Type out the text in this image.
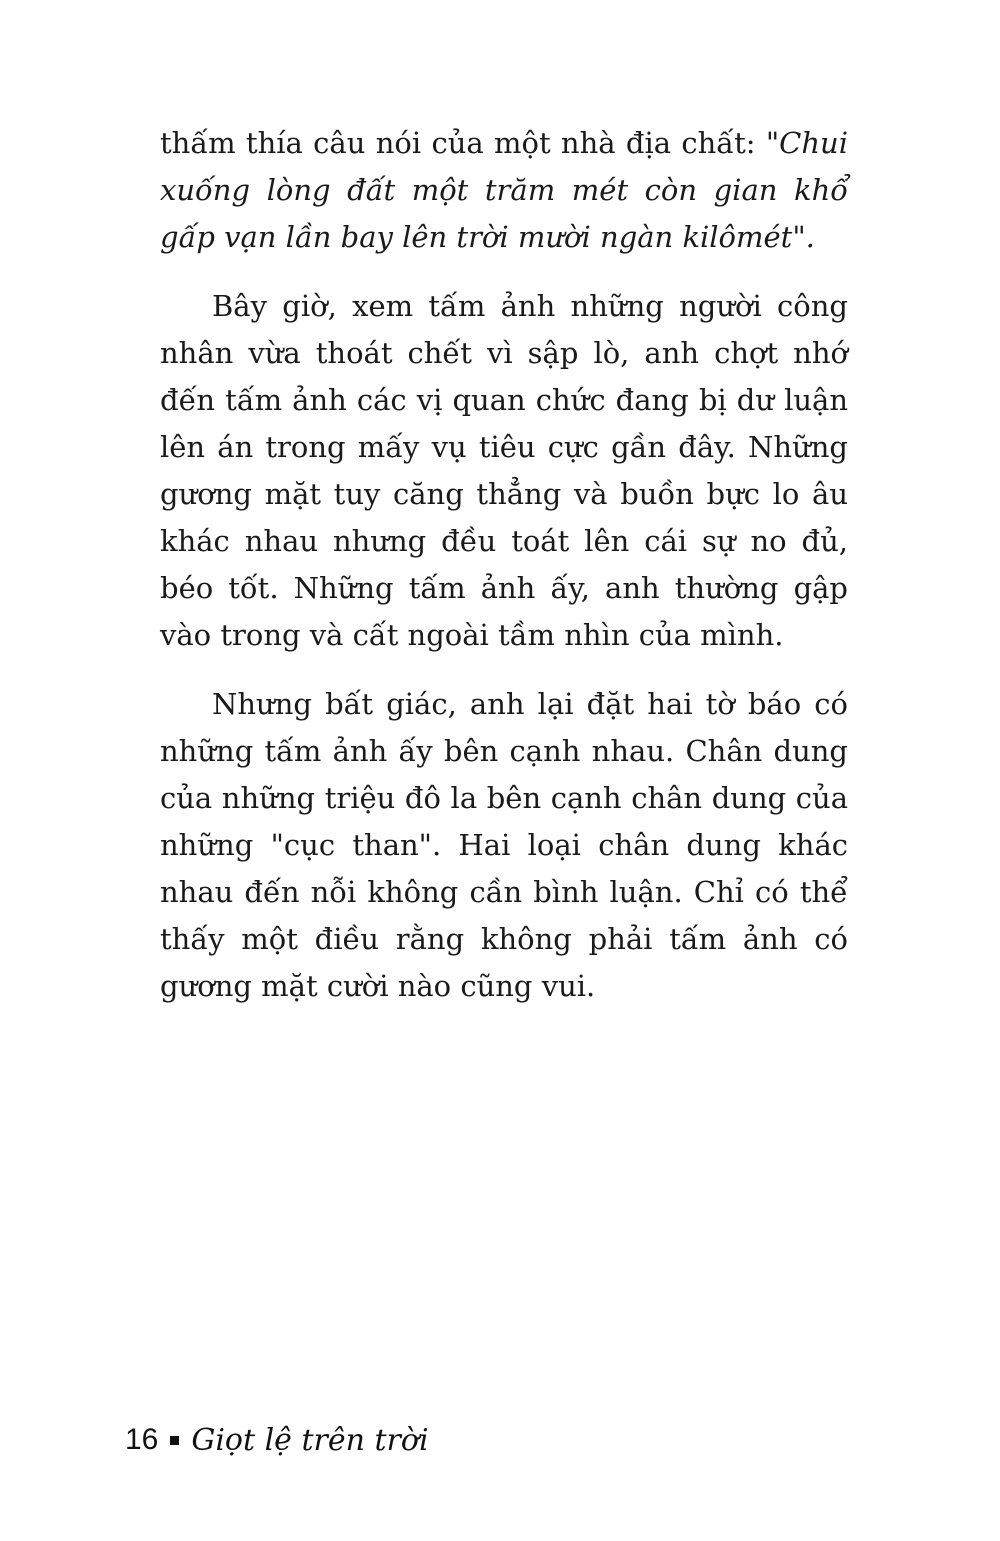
thấm thía câu nói của một nhà địa chất: "Chui xuống lòng đất một trăm mét còn gian khổ gấp vạn lần bay lên trời mười ngàn kilômét".

Bây giờ, xem tấm ảnh những người công nhân vừa thoát chết vì sập lò, anh chợt nhớ đến tấm ảnh các vị quan chức đang bị dư luận lên án trong mấy vụ tiêu cực gần đây. Những gương mặt tuy căng thẳng và buồn bực lo âu khác nhau nhưng đều toát lên cái sự no đủ, béo tốt. Những tấm ảnh ấy, anh thường gập vào trong và cất ngoài tầm nhìn của mình.

Nhưng bất giác, anh lại đặt hai tờ báo có những tấm ảnh ấy bên cạnh nhau. Chân dung của những triệu đô la bên cạnh chân dung của những "cục than". Hai loại chân dung khác nhau đến nỗi không cần bình luận. Chỉ có thể thấy một điều rằng không phải tấm ảnh có gương mặt cười nào cũng vui.

16 Giọt lệ trên trời
